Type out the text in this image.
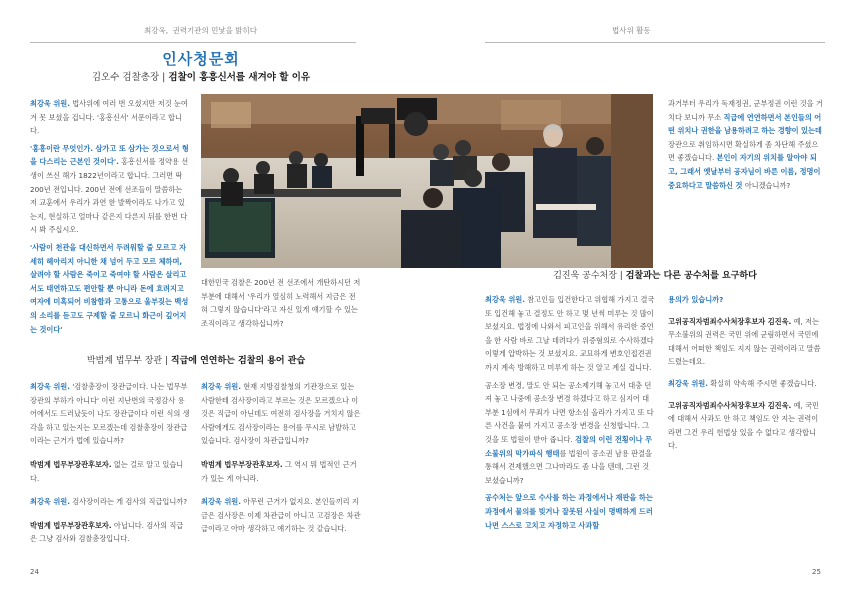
최강욱, 권력기관의 민낯을 밝히다	법사위 활동
인사청문회
김오수 검찰총장 | 검찰이 홍흥신서를 새겨야 할 이유

최강욱 위원. 법사위에 여러 번 오셨지만 저것 눈여겨 못 보셨을 겁니다. '홍흥신서' 서문이라고 합니다.

'홍흥이란 무엇인가. 삼가고 또 삼가는 것으로서 형을 다스리는 근본인 것이다'. 홍흥신서를 정약용 선생이 쓰신 해가 1822년이라고 합니다. 그러면 딱 200년 전입니다. 200년 전에 선조들이 말씀하는 저 교훈에서 우리가 과연 한 발짝이라도 나가고 있는지, 현실하고 얼마나 같은지 다른지 뒤를 한번 다시 봐 주십시오.

'사람이 천관을 대신하면서 두려워할 줄 모르고 자세히 헤아리지 아니한 채 넘어 두고 모르 체하며, 살려야 할 사람은 죽이고 죽여야 할 사람은 살리고서도 태연하고도 편안할 뿐 아니라 돈에 흐려지고 여자에 미혹되어 비참함과 고통으로 울부짖는 백성의 소리를 듣고도 구제할 줄 모르니 화근이 깊어지는 것이다'

대한민국 검찰은 200년 전 선조에서 개탄하시던 저 부분에 대해서 '우리가 열심히 노력해서 지금은 전혀 그렇지 않습니다'라고 자신 있게 얘기할 수 있는 조직이라고 생각하십니까?

과거부터 우리가 독재정권, 군부정권 이런 것을 거치다 보니까 무소 직급에 연연하면서 본인들의 어떤 위치나 권한을 남용하려고 하는 경향이 있는데 장관으로 취임하시면 확실하게 좀 차단해 주셨으면 좋겠습니다. 본인이 자기의 위치를 알아야 되고, 그래서 옛날부터 공자님이 바른 이름, 정명이 중요하다고 말씀하신 것 아니겠습니까?

박범계 법무부 장관 | 직급에 연연하는 검찰의 용어 관습

최강욱 위원. '검찰총장이 장관급이다. 나는 법무부장관의 부하가 아니다' 이런 지난번의 국정감사 용어에서도 드러났듯이 나도 장관급이다 이런 식의 생각을 하고 있는지는 모르겠는데 검찰총장이 장관급이라는 근거가 법에 있습니까?

박범계 법무부장관후보자. 없는 걸로 알고 있습니다.

최강욱 위원. 검사장이라는 게 검사의 직급입니까?

박범계 법무부장관후보자. 아닙니다. 검사의 직급은 그냥 검사와 검찰총장입니다.

최강욱 위원. 현재 지방검찰청의 기관장으로 있는 사람한테 검사장이라고 부르는 것은 모르겠으나 이것은 직급이 아닌데도 여전히 검사장을 거치지 않은 사람에게도 검사장이라는 용어를 무시로 남발하고 있습니다. 검사장이 차관급입니까?

박범계 법무부장관후보자. 그 역시 뭐 법적인 근거가 있는 게 아니라.

최강욱 위원. 아무런 근거가 없지요. 본인들끼리 지금은 검사장은 이제 차관급이 아니고 고검장은 차관급이라고 아마 생각하고 얘기하는 것 같습니다.

김진욱 공수처장 | 검찰과는 다른 공수처를 요구하다

최강욱 위원. 참고인들 입건한다고 위협해 가지고 결국 또 입건해 놓고 결정도 안 하고 몇 년씩 미루는 것 많이 보셨지요. 법정에 나와서 피고인을 위해서 유리한 증언을 한 사람 바로 그날 데려다가 위증혐의로 수사하겠다 이렇게 압박하는 것 보셨지요. 교묘하게 변호인접견권까지 계속 방해하고 미루게 하는 것 알고 계실 겁니다.

공소장 변경, 말도 안 되는 공소제기해 놓고서 대충 던져 놓고 나중에 공소장 변경 하겠다고 하고 심지어 대부분 1심에서 무죄가 나면 항소심 올라가 가지고 또 다른 사건을 붙여 가지고 공소장 변경을 신청합니다. 그것을 또 법원이 받아 줍니다. 검찰의 이런 전횡이나 무소불위의 막가파식 행태를 법원이 공소권 남용 판결을 통해서 견제했으면 그나마라도 좀 나을 텐데, 그런 것 보셨습니까?

공수처는 앞으로 수사를 하는 과정에서나 재판을 하는 과정에서 물의를 빚거나 잘못된 사실이 명백하게 드러나면 스스로 고치고 자정하고 사과할

용의가 있습니까?

고위공직자범죄수사처장후보자 김진욱. 예, 저는 무소불위의 권력은 국민 위에 군림하면서 국민에 대해서 어떠한 책임도 지지 않는 권력이라고 말씀드렸는데요.

최강욱 위원. 확실히 약속해 주시면 좋겠습니다.

고위공직자범죄수사처장후보자 김진욱. 예, 국민에 대해서 사과도 안 하고 책임도 안 지는 권력이라면 그건 우리 헌법상 있을 수 없다고 생각합니다.

24	25
